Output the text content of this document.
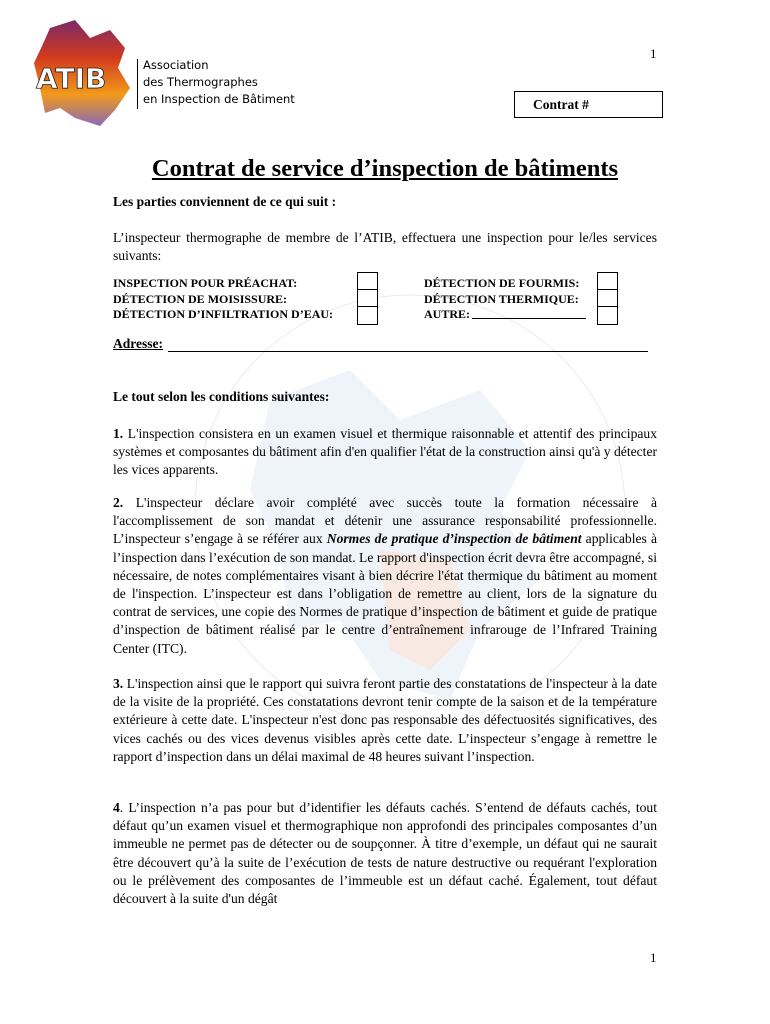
ATIB	Association
des Thermographes
en Inspection de Bâtiment
1
Contrat #
Contrat de service d’inspection de bâtiments
Les parties conviennent de ce qui suit :
L’inspecteur thermographe de membre de l’ATIB, effectuera une inspection pour le/les services suivants:
INSPECTION POUR PRÉACHAT:
DÉTECTION DE MOISISSURE:
DÉTECTION D’INFILTRATION D’EAU:
DÉTECTION DE FOURMIS:
DÉTECTION THERMIQUE:
AUTRE:
Adresse:
Le tout selon les conditions suivantes:
1. L'inspection consistera en un examen visuel et thermique raisonnable et attentif des principaux systèmes et composantes du bâtiment afin d'en qualifier l'état de la construction ainsi qu'à y détecter les vices apparents.
2. L'inspecteur déclare avoir complété avec succès toute la formation nécessaire à l'accomplissement de son mandat et détenir une assurance responsabilité professionnelle. L’inspecteur s’engage à se référer aux Normes de pratique d’inspection de bâtiment applicables à l’inspection dans l’exécution de son mandat. Le rapport d'inspection écrit devra être accompagné, si nécessaire, de notes complémentaires visant à bien décrire l'état thermique du bâtiment au moment de l'inspection. L’inspecteur est dans l’obligation de remettre au client, lors de la signature du contrat de services, une copie des Normes de pratique d’inspection de bâtiment et guide de pratique d’inspection de bâtiment réalisé par le centre d’entraînement infrarouge de l’Infrared Training Center (ITC).
3. L'inspection ainsi que le rapport qui suivra feront partie des constatations de l'inspecteur à la date de la visite de la propriété. Ces constatations devront tenir compte de la saison et de la température extérieure à cette date. L'inspecteur n'est donc pas responsable des défectuosités significatives, des vices cachés ou des vices devenus visibles après cette date. L’inspecteur s’engage à remettre le rapport d’inspection dans un délai maximal de 48 heures suivant l’inspection.
4. L’inspection n’a pas pour but d’identifier les défauts cachés. S’entend de défauts cachés, tout défaut qu’un examen visuel et thermographique non approfondi des principales composantes d’un immeuble ne permet pas de détecter ou de soupçonner. À titre d’exemple, un défaut qui ne saurait être découvert qu’à la suite de l’exécution de tests de nature destructive ou requérant l'exploration ou le prélèvement des composantes de l’immeuble est un défaut caché. Également, tout défaut découvert à la suite d'un dégât
1
